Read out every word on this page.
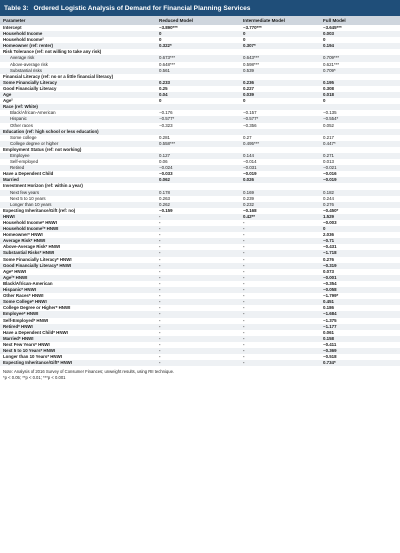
Table 3: Ordered Logistic Analysis of Demand for Financial Planning Services
Parameter	Reduced Model	Intermediate Model	Full Model
Intercept	−3.890***	−3.770***	−3.645***
Household Income	0	0	0.003
Household Income²	0	0	0
Homeowner (ref: renter)	0.322*	0.307*	0.194
Risk Tolerance (ref: not willing to take any risk)			
Average risk	0.673***	0.643***	0.709***
Above-average risk	0.648***	0.598***	0.621***
Substantial risks	0.561	0.539	0.709*
Financial Literacy (ref: no or a little financial literacy)			
Some Financially Literacy	0.233	0.236	0.195
Good Financially Literacy	0.25	0.227	0.308
Age	0.04	0.039	0.018
Age²	0	0	0
Race (ref: White)			
Black/African-American	−0.176	−0.157	−0.135
Hispanic	−0.577*	−0.577*	−0.554*
Other races	−0.323	−0.356	0.052
Education (ref: high school or less education)			
Some college	0.281	0.27	0.217
College degree or higher	0.558***	0.495***	0.447*
Employment Status (ref: not working)			
Employee	0.127	0.144	0.271
Self-employed	0.06	−0.014	0.013
Retired	−0.024	−0.031	−0.021
Have a Dependent Child	−0.033	−0.019	−0.016
Married	0.062	0.026	−0.019
Investment Horizon (ref: within a year)			
Next few years	0.178	0.169	0.182
Next 5 to 10 years	0.263	0.239	0.244
Longer than 10 years	0.262	0.232	0.276
Expecting Inheritance/Gift (ref: no)	−0.159	−0.168	−0.450*
HNWI	-	0.42**	1.529
Household Income* HNWI	-	-	−0.003
Household Income²* HNWI	-	-	0
Homeowner* HNWI	-	-	2.036
Average Risk* HNWI	-	-	−0.71
Above-Average Risk* HNWI	-	-	−0.431
Substantial Risks* HNWI	-	-	−1.718
Some Financially Literacy* HNWI	-	-	0.276
Good Financially Literacy* HNWI	-	-	−0.319
Age* HNWI	-	-	0.073
Age²* HNWI	-	-	−0.001
Black/African-American	-	-	−0.354
Hispanic* HNWI	-	-	−0.058
Other Races* HNWI	-	-	−1.799*
Some College* HNWI	-	-	0.451
College Degree or Higher* HNWI	-	-	0.186
Employee* HNWI	-	-	−1.684
Self-Employed* HNWI	-	-	−1.375
Retired* HNWI	-	-	−1.177
Have a Dependent Child* HNWI	-	-	0.061
Married* HNWI	-	-	0.158
Next Few Years* HNWI	-	-	−0.411
Next 5 to 10 Years* HNWI	-	-	−0.369
Longer than 10 Years* HNWI	-	-	−0.518
Expecting Inheritance/Gift* HNWI	-	-	0.734*
Note: Analysis of 2016 Survey of Consumer Finances; unweight results, using RII technique.
*p < 0.05; **p < 0.01; ***p < 0.001
